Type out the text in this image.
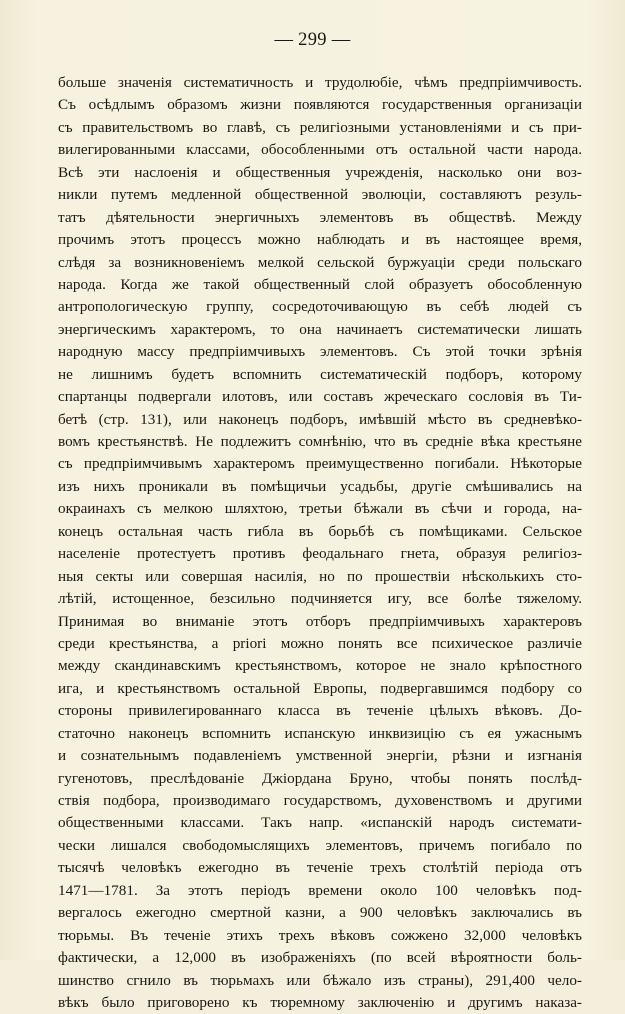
— 299 —
больше значенія систематичность и трудолюбіе, чѣмъ предпріимчивость.
Съ осѣдлымъ образомъ жизни появляются государственныя организаціи
съ правительствомъ во главѣ, съ религіозными установленіями и съ при-
вилегированными классами, обособленными отъ остальной части народа.
Всѣ эти наслоенія и общественныя учрежденія, насколько они воз-
никли путемъ медленной общественной эволюціи, составляютъ резуль-
татъ дѣятельности энергичныхъ элементовъ въ обществѣ. Между
прочимъ этотъ процессъ можно наблюдать и въ настоящее время,
слѣдя за возникновеніемъ мелкой сельской буржуаціи среди польскаго
народа. Когда же такой общественный слой образуетъ обособленную
антропологическую группу, сосредоточивающую въ себѣ людей съ
энергическимъ характеромъ, то она начинаетъ систематически лишать
народную массу предпріимчивыхъ элементовъ. Съ этой точки зрѣнія
не лишнимъ будетъ вспомнить систематическій подборъ, которому
спартанцы подвергали илотовъ, или составъ жреческаго сословія въ Ти-
бетѣ (стр. 131), или наконецъ подборъ, имѣвшій мѣсто въ средневѣко-
вомъ крестьянствѣ. Не подлежитъ сомнѣнію, что въ средніе вѣка крестьяне
съ предпріимчивымъ характеромъ преимущественно погибали. Нѣкоторые
изъ нихъ проникали въ помѣщичьи усадьбы, другіе смѣшивались на
окраинахъ съ мелкою шляхтою, третьи бѣжали въ сѣчи и города, на-
конецъ остальная часть гибла въ борьбѣ съ помѣщиками. Сельское
населеніе протестуетъ противъ феодальнаго гнета, образуя религіоз-
ныя секты или совершая насилія, но по прошествіи нѣсколькихъ сто-
лѣтій, истощенное, безсильно подчиняется игу, все болѣе тяжелому.
Принимая во вниманіе этотъ отборъ предпріимчивыхъ характеровъ
среди крестьянства, а priori можно понять все психическое различіе
между скандинавскимъ крестьянствомъ, которое не знало крѣпостного
ига, и крестьянствомъ остальной Европы, подвергавшимся подбору со
стороны привилегированнаго класса въ теченіе цѣлыхъ вѣковъ. До-
статочно наконецъ вспомнить испанскую инквизицію съ ея ужаснымъ
и сознательнымъ подавленіемъ умственной энергіи, рѣзни и изгнанія
гугенотовъ, преслѣдованіе Джіордана Бруно, чтобы понять послѣд-
ствія подбора, производимаго государствомъ, духовенствомъ и другими
общественными классами. Такъ напр. «испанскій народъ системати-
чески лишался свободомыслящихъ элементовъ, причемъ погибало по
тысячѣ человѣкъ ежегодно въ теченіе трехъ столѣтій періода отъ
1471—1781. За этотъ періодъ времени около 100 человѣкъ под-
вергалось ежегодно смертной казни, а 900 человѣкъ заключались въ
тюрьмы. Въ теченіе этихъ трехъ вѣковъ сожжено 32,000 человѣкъ
фактически, а 12,000 въ изображеніяхъ (по всей вѣроятности боль-
шинство сгнило въ тюрьмахъ или бѣжало изъ страны), 291,400 чело-
вѣкъ было приговорено къ тюремному заключенію и другимъ наказа-
